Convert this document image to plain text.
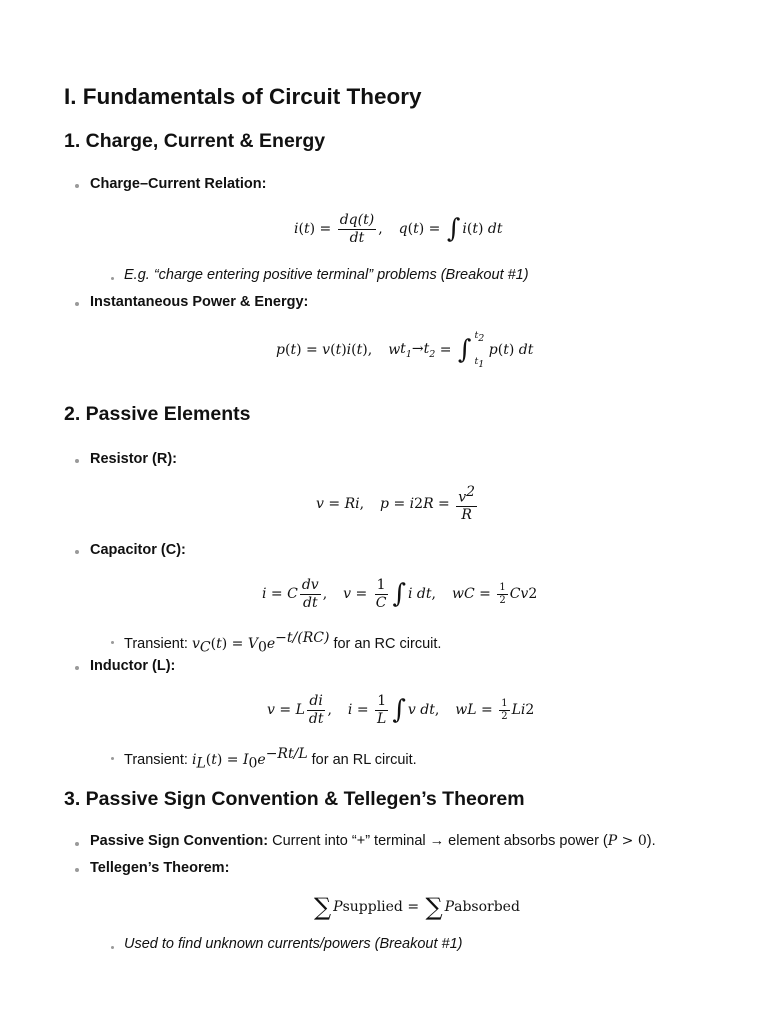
I. Fundamentals of Circuit Theory
1. Charge, Current & Energy
Charge–Current Relation:
i ( t ) = $\frac{dq(t)}{dt}$ , q ( t ) = ∫ i ( t ) dt
E.g. “charge entering positive terminal” problems (Breakout #1)
Instantaneous Power & Energy:
p ( t ) = v ( t ) i ( t ), w $t_1\to t_2$ = ∫ $t_2$
$t_1$
p ( t ) dt
2. Passive Elements
Resistor (R):
v = Ri , p = i 2 $R = \frac{v^2}{R}$
Capacitor (C):
i = C $\frac{dv}{dt}$ , $v = \frac{1}{C}$ ∫ i dt , w $C = \frac{1}{2}$ Cv 2
Transient: $v_C(t) = V_0e^{-t/(RC)}$ for an RC circuit.
Inductor (L):
v = L $\frac{di}{dt}$ , $i = \frac{1}{L}$ ∫ v dt , w $L = \frac{1}{2}$ Li 2
Transient: $i_L(t) = I_0e^{-Rt/L}$ for an RL circuit.
3. Passive Sign Convention & Tellegen’s Theorem
Passive Sign Convention: Current into “+” terminal → element absorbs power (P > 0).
Tellegen’s Theorem:
∑ P supplied = ∑ P absorbed
Used to find unknown currents/powers (Breakout #1)
